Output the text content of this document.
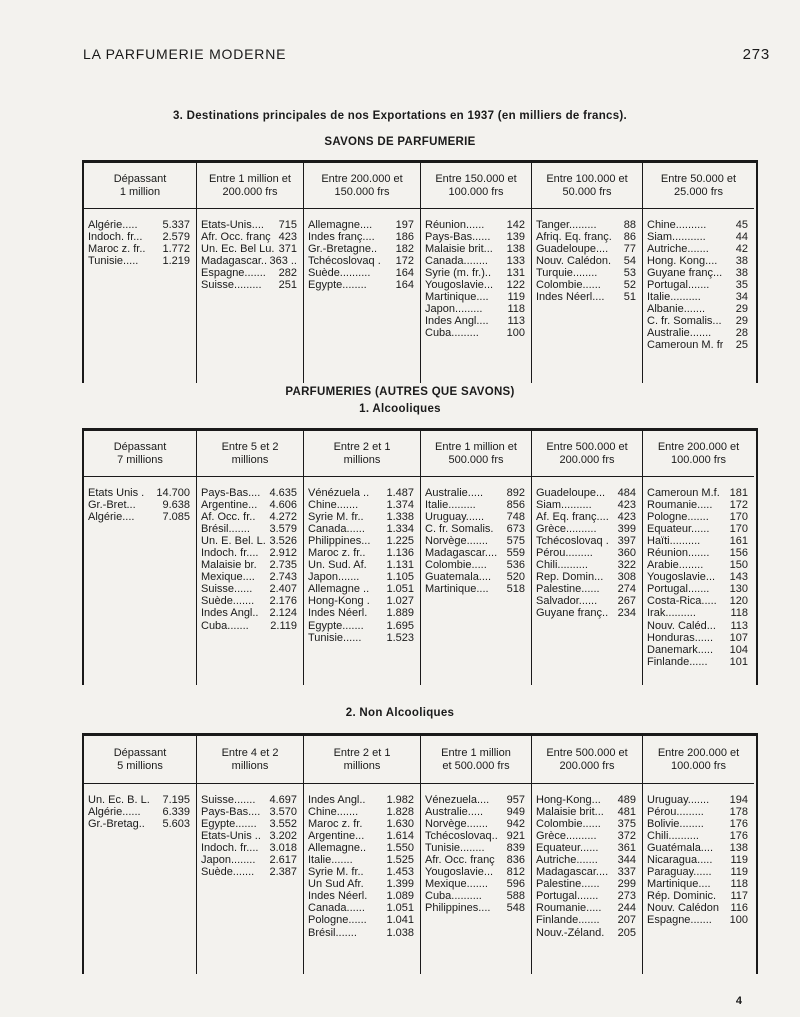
LA PARFUMERIE MODERNE	273
3. Destinations principales de nos Exportations en 1937 (en milliers de francs).
SAVONS DE PARFUMERIE
Dépassant
1 million
Algérie..... 5.337
Indoch. fr... 2.579
Maroc z. fr.. 1.772
Tunisie..... 1.219
Entre 1 million et
200.000 frs
Etats-Unis.... 715
Afr. Occ. franç 423
Un. Ec. Bel Lu. 371
Madagascar.. 363 ..
Espagne....... 282
Suisse......... 251
Entre 200.000 et
150.000 frs
Allemagne.... 197
Indes franç.... 186
Gr.-Bretagne.. 182
Tchécoslovaq . 172
Suède.......... 164
Egypte........	164
Entre 150.000 et
100.000 frs
Réunion...... 142
Pays-Bas...... 139
Malaisie brit... 138
Canada........ 133
Syrie (m. fr.).. 131
Yougoslavie... 122
Martinique.... 119
Japon......... 118
Indes Angl.... 113
Cuba.........	100
Entre 100.000 et
50.000 frs
Tanger......... 88
Afriq. Eq. franç. 86
Guadeloupe.... 77
Nouv. Calédon. 54
Turquie........ 53
Colombie...... 52
Indes Néerl.... 51
Entre 50.000 et
25.000 frs
Chine..........	45
Siam...........	44
Autriche....... 42
Hong. Kong.... 38
Guyane franç... 38
Portugal....... 35
Italie..........	34
Albanie.......	29
C. fr. Somalis... 29
Australie....... 28
Cameroun M. fr 25
PARFUMERIES (AUTRES QUE SAVONS)
1. Alcooliques
Dépassant
7 millions
Etats Unis . 14.700
Gr.-Bret... 9.638
Algérie....	7.085
Entre 5 et 2
millions
Pays-Bas.... 4.635
Argentine... 4.606
Af. Occ. fr.. 4.272
Brésil....... 3.579
Un. E. Bel. L. 3.526
Indoch. fr.... 2.912
Malaisie br. 2.735
Mexique.... 2.743
Suisse...... 2.407
Suède....... 2.176
Indes Angl.. 2.124
Cuba....... 2.119
Entre 2 et 1
millions
Vénézuela .. 1.487
Chine.......	1.374
Syrie M. fr.. 1.338
Canada...... 1.334
Philippines... 1.225
Maroc z. fr.. 1.136
Un. Sud. Af. 1.131
Japon....... 1.105
Allemagne .. 1.051
Hong-Kong . 1.027
Indes Néerl. 1.889
Egypte....... 1.695
Tunisie...... 1.523
Entre 1 million et
500.000 frs
Australie..... 892
Italie.........	856
Uruguay...... 748
C. fr. Somalis. 673
Norvège....... 575
Madagascar.... 559
Colombie..... 536
Guatemala.... 520
Martinique.... 518
Entre 500.000 et
200.000 frs
Guadeloupe... 484
Siam.......... 423
Af. Eq. franç.... 423
Grèce.......... 399
Tchécoslovaq . 397
Pérou......... 360
Chili..........	322
Rep. Domin... 308
Palestine...... 274
Salvador...... 267
Guyane franç.. 234
Entre 200.000 et
100.000 frs
Cameroun M.f. 181
Roumanie..... 172
Pologne....... 170
Equateur...... 170
Haïti..........	161
Réunion....... 156
Arabie........ 150
Yougoslavie... 143
Portugal....... 130
Costa-Rica..... 120
Irak..........	118
Nouv. Caléd... 113
Honduras...... 107
Danemark..... 104
Finlande...... 101
2. Non Alcooliques
Dépassant
5 millions
Un. Ec. B. L. 7.195
Algérie...... 6.339
Gr.-Bretag.. 5.603
Entre 4 et 2
millions
Suisse....... 4.697
Pays-Bas.... 3.570
Egypte....... 3.552
Etats-Unis .. 3.202
Indoch. fr.... 3.018
Japon........ 2.617
Suède....... 2.387
Entre 2 et 1
millions
Indes Angl.. 1.982
Chine.......	1.828
Maroc z. fr. 1.630
Argentine... 1.614
Allemagne.. 1.550
Italie.......	1.525
Syrie M. fr.. 1.453
Un Sud Afr. 1.399
Indes Néerl. 1.089
Canada...... 1.051
Pologne...... 1.041
Brésil.......	1.038
Entre 1 million
et 500.000 frs
Vénezuela.... 957
Australie..... 949
Norvège....... 942
Tchécoslovaq.. 921
Tunisie........ 839
Afr. Occ. franç 836
Yougoslavie... 812
Mexique....... 596
Cuba.......... 588
Philippines.... 548
Entre 500.000 et
200.000 frs
Hong-Kong... 489
Malaisie brit... 481
Colombie...... 375
Grèce.......... 372
Equateur...... 361
Autriche....... 344
Madagascar.... 337
Palestine...... 299
Portugal....... 273
Roumanie..... 244
Finlande....... 207
Nouv.-Zéland. 205
Entre 200.000 et
100.000 frs
Uruguay....... 194
Pérou......... 178
Bolivie........ 176
Chili..........	176
Guatémala.... 138
Nicaragua..... 119
Paraguay...... 119
Martinique.... 118
Rép. Dominic. 117
Nouv. Calédon 116
Espagne....... 100
4
